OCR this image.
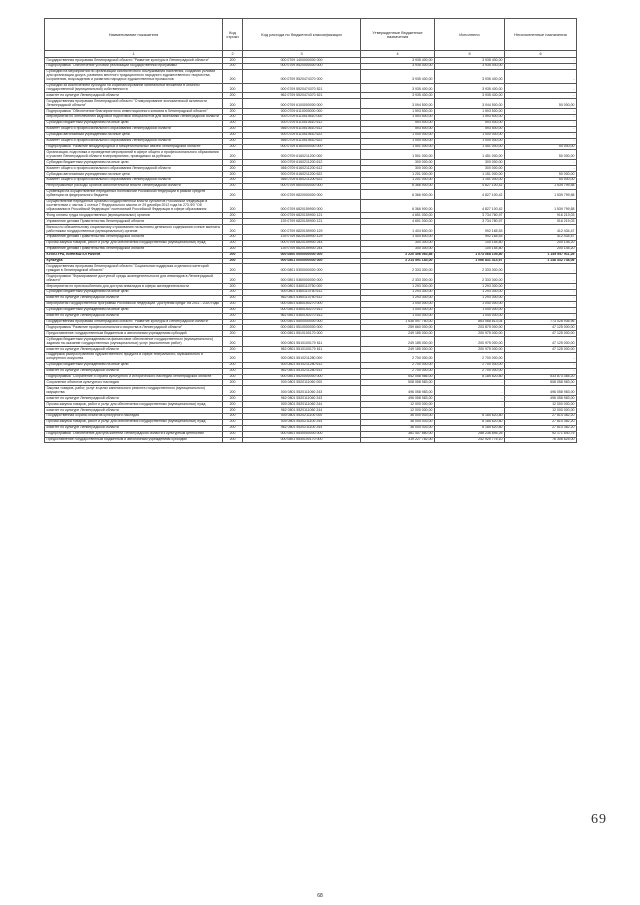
Наименование показателя	Код строки	Код расхода по бюджетной классификации	Утвержденные бюджетные назначения	Исполнено	Неисполненные назначения
1	2	3	4	5	6
Государственная программа Ленинградской области "Развитие культуры в Ленинградской области"	200	000 0709 1400000000 000	3 935 400,00	3 935 400,00	-
Подпрограмма "Обеспечение условий реализации государственной программы"	200	000 0709 5520000000 000	3 935 400,00	3 935 400,00	-
Субсидии на мероприятия по организации библиотечного обслуживания населения, созданию условий для организации досуга, развитию местного традиционного народного художественного творчества, сохранению, возрождению и развитию народных художественных промыслов	200	000 0709 5520474370 000	3 935 400,00	3 935 400,00	-
Субсидии за исключением субсидий на софинансирование капитальных вложений в объекты государственной (муниципальной) собственности	200	000 0709 5520474370 521	3 935 400,00	3 935 400,00	-
комитет по культуре Ленинградской области	200	962 0709 5520474370 521	3 935 400,00	3 935 400,00	-
Государственная программа Ленинградской области "Стимулирование экономической активности Ленинградской области"	200	000 0709 6100000000 000	3 094 500,00	3 044 500,00	50 000,00
Подпрограмма "Обеспечение благоприятного инвестиционного климата в Ленинградской области"	200	000 0709 6110000000 000	1 593 500,00	1 593 500,00	-
Мероприятия по обеспечению кадровой подготовки специалистов для экономики Ленинградской области	200	000 0709 6110510610 000	1 593 500,00	1 593 500,00	-
Субсидии бюджетным учреждениям на иные цели	200	000 0709 6110510610 612	593 500,00	593 500,00	-
Комитет общего и профессионального образования Ленинградской области	200	066 0709 6110510610 612	593 500,00	593 500,00	-
Субсидии автономным учреждениям на иные цели	200	000 0709 6110510610 622	1 000 000,00	1 000 000,00	-
Комитет общего и профессионального образования Ленинградской области	200	066 0709 6110510610 622	1 000 000,00	1 000 000,00	-
Подпрограмма "Развитие международных и межрегиональных связей Ленинградской области"	200	000 0709 6160000000 000	1 501 000,00	1 451 000,00	50 000,00
Организация, подготовка и проведение мероприятий в сфере общего и профессионального образования и участие Ленинградской области в мероприятиях, проводимых за рубежом	200	000 0709 6160211200 000	1 501 000,00	1 451 000,00	50 000,00
Субсидии бюджетным учреждениям на иные цели	200	000 0709 6160211200 612	300 000,00	300 000,00	-
Комитет общего и профессионального образования Ленинградской области	200	066 0709 6160211200 612	300 000,00	300 000,00	-
Субсидии автономным учреждениям на иные цели	200	000 0709 6160211200 622	1 201 000,00	1 151 000,00	50 000,00
Комитет общего и профессионального образования Ленинградской области	200	066 0709 6160211200 622	1 201 000,00	1 151 000,00	50 000,00
Непрограммные расходы органов исполнительной власти Ленинградской области	200	000 0709 6800000000 000	6 366 900,00	4 827 100,42	1 539 799,58
Субвенции на осуществление переданных полномочий Российской Федерации в рамках средств субвенции из федерального бюджета	200	000 0709 6820000000 000	6 366 900,00	4 827 100,42	1 539 799,58
Осуществление переданных органам государственной власти субъектов Российской Федерации в соответствии с частью 1 статьи 7 Федерального закона от 29 декабря 2012 года № 273-ФЗ "Об образовании в Российской Федерации" полномочий Российской Федерации в сфере образования	200	000 0709 6820159900 000	6 366 900,00	4 827 100,42	1 539 799,58
Фонд оплаты труда государственных (муниципальных) органов	200	000 0709 6820159900 121	4 651 000,00	3 734 780,97	916 219,03
Управление делами Правительства Ленинградской области	200	139 0709 6820159900 121	4 651 000,00	3 734 780,97	916 219,03
Взносы по обязательному социальному страхованию на выплаты денежного содержания и иные выплаты работникам государственных (муниципальных) органов	200	000 0709 6820159900 129	1 404 600,00	992 165,53	412 434,47
Управление делами Правительства Ленинградской области	200	139 0709 6820159900 129	1 404 600,00	992 165,53	412 434,47
Прочая закупка товаров, работ и услуг для обеспечения государственных (муниципальных) нужд	200	000 0709 6820159900 244	300 300,00	100 154,80	200 145,20
Управление делами Правительства Ленинградской области	200	139 0709 6820159900 244	300 300,00	100 154,80	200 145,20
КУЛЬТУРА, КИНЕМАТОГРАФИЯ	200	000 0800 0000000000 000	2 220 456 063,86	1 073 068 105,80	1 149 957 911,26
Культура	200	000 0801 0000000000 000	2 214 591 183,00	1 066 831 414,97	1 148 332 748,06
Государственная программа Ленинградской области "Социальная поддержка отдельных категорий граждан в Ленинградской области"	200	000 0801 5300000000 000	2 333 300,00	2 333 300,00	-
Подпрограмма "Формирование доступной среды жизнедеятельности для инвалидов в Ленинградской области"	200	000 0801 5360000000 000	2 333 300,00	2 333 300,00	-
Мероприятия по приспособлению для доступа инвалидов в сферы жизнедеятельности	200	000 0801 5360110750 000	1 293 300,00	1 293 300,00	-
Субсидии бюджетным учреждениям на иные цели	200	000 0801 5360110750 612	1 293 300,00	1 293 300,00	-
комитет по культуре Ленинградской области	200	962 0801 5360110750 612	1 293 300,00	1 293 300,00	-
Мероприятия государственной программы Российской Федерации "Доступная среда" на 2011 - 2020 годы	200	000 0801 5360150270 000	1 040 000,00	1 040 000,00	-
Субсидии бюджетным учреждениям на иные цели	200	000 0801 5360150270 612	1 040 000,00	1 040 000,00	-
комитет по культуре Ленинградской области	200	962 0801 5360150270 612	1 040 000,00	1 040 000,00	-
Государственная программа Ленинградской области "Развитие культуры в Ленинградской области"	200	000 0801 5500000000 000	1 636 097 760,00	863 068 813,04	773 028 936,96
Подпрограмма "Развитие профессионального искусства в Ленинградской области"	200	000 0801 5510000000 000	259 660 000,00	203 875 000,00	47 125 000,00
Предоставление государственным бюджетным и автономным учреждениям субсидий	200	000 0801 5510100170 000	249 185 000,00	200 975 000,00	47 125 000,00
Субсидии бюджетным учреждениям на финансовое обеспечение государственного (муниципального) задания на оказание государственных (муниципальных) услуг (выполнение работ)	200	000 0801 5510100170 611	249 185 000,00	200 975 000,00	47 125 000,00
комитет по культуре Ленинградской области	200	962 0801 5510100170 611	249 185 000,00	200 975 000,00	47 125 000,00
Поддержка распространения художественного продукта в сфере театрального, музыкального и концертного искусства	200	000 0801 5510211280 000	2 700 000,00	2 700 000,00	-
Субсидии бюджетным учреждениям на иные цели	200	000 0801 5510211280 612	2 700 000,00	2 700 000,00	-
комитет по культуре Ленинградской области	200	962 0801 5510211280 612	2 700 000,00	2 700 000,00	-
Подпрограмма "Сохранение и охрана культурного и исторического наследия Ленинградской области"	200	000 0801 5520000000 000	542 058 986,00	8 185 620,80	533 873 365,20
Сохранение объектов культурного наследия	200	000 0801 5520111060 000	508 058 983,00	-	508 058 983,00
Закупка товаров, работ, услуг в целях капитального ремонта государственного (муниципального) имущества	200	000 0801 5520111060 243	496 058 983,00	-	496 058 983,00
комитет по культуре Ленинградской области	200	962 0801 5520111060 243	496 058 983,00	-	496 058 983,00
Прочая закупка товаров, работ и услуг для обеспечения государственных (муниципальных) нужд	200	000 0801 5520111060 244	12 000 000,00	-	12 000 000,00
комитет по культуре Ленинградской области	200	962 0801 5520111060 244	12 000 000,00	-	12 000 000,00
Государственная охрана объектов культурного наследия	200	000 0801 5520211100 000	36 000 003,00	8 185 620,80	27 814 382,20
Прочая закупка товаров, работ и услуг для обеспечения государственных (муниципальных) нужд	200	000 0801 5520211100 244	36 000 003,00	8 185 620,80	27 814 382,20
комитет по культуре Ленинградской области	200	962 0801 5520211100 244	36 000 003,00	8 185 620,80	27 814 382,20
Подпрограмма "Обеспечение доступа жителей Ленинградской области к культурным ценностям"	200	000 0801 5530000000 000	381 407 860,00	288 236 895,25	92 171 640,75
Предоставление государственным бюджетным и автономным учреждениям субсидий	200	000 0801 5530100170 000	319 227 782,00	242 920 775,10	76 306 825,00
68
69
